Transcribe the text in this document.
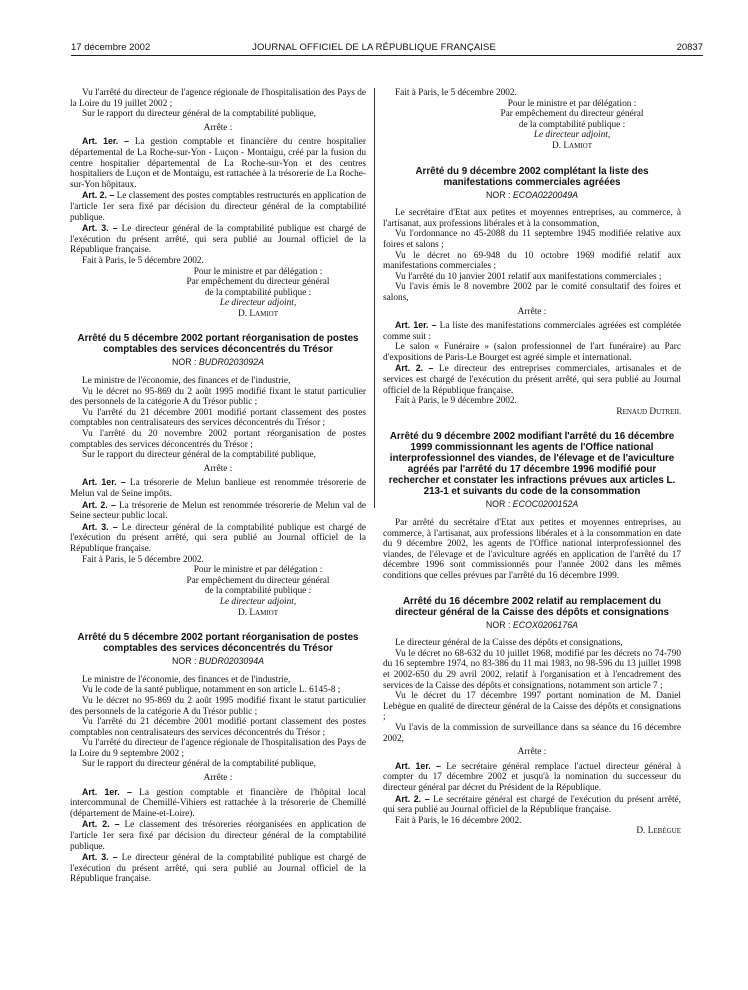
17 décembre 2002	JOURNAL OFFICIEL DE LA RÉPUBLIQUE FRANÇAISE	20837

Vu l'arrêté du directeur de l'agence régionale de l'hospitalisation des Pays de la Loire du 19 juillet 2002 ;

Sur le rapport du directeur général de la comptabilité publique,

Arrête :

Art. 1er. – La gestion comptable et financière du centre hospitalier départemental de La Roche-sur-Yon - Luçon - Montaigu, créé par la fusion du centre hospitalier départemental de La Roche-sur-Yon et des centres hospitaliers de Luçon et de Montaigu, est rattachée à la trésorerie de La Roche-sur-Yon hôpitaux.

Art. 2. – Le classement des postes comptables restructurés en application de l'article 1er sera fixé par décision du directeur général de la comptabilité publique.

Art. 3. – Le directeur général de la comptabilité publique est chargé de l'exécution du présent arrêté, qui sera publié au Journal officiel de la République française.

Fait à Paris, le 5 décembre 2002.

Pour le ministre et par délégation :

Par empêchement du directeur général

de la comptabilité publique :

Le directeur adjoint,

D. Lamiot

Arrêté du 5 décembre 2002 portant réorganisation de postes comptables des services déconcentrés du Trésor
NOR : BUDR0203092A

Le ministre de l'économie, des finances et de l'industrie,

Vu le décret no 95-869 du 2 août 1995 modifié fixant le statut particulier des personnels de la catégorie A du Trésor public ;

Vu l'arrêté du 21 décembre 2001 modifié portant classement des postes comptables non centralisateurs des services déconcentrés du Trésor ;

Vu l'arrêté du 20 novembre 2002 portant réorganisation de postes comptables des services déconcentrés du Trésor ;

Sur le rapport du directeur général de la comptabilité publique,

Arrête :

Art. 1er. – La trésorerie de Melun banlieue est renommée trésorerie de Melun val de Seine impôts.

Art. 2. – La trésorerie de Melun est renommée trésorerie de Melun val de Seine secteur public local.

Art. 3. – Le directeur général de la comptabilité publique est chargé de l'exécution du présent arrêté, qui sera publié au Journal officiel de la République française.

Fait à Paris, le 5 décembre 2002.

Pour le ministre et par délégation :

Par empêchement du directeur général

de la comptabilité publique :

Le directeur adjoint,

D. Lamiot

Arrêté du 5 décembre 2002 portant réorganisation de postes comptables des services déconcentrés du Trésor
NOR : BUDR0203094A

Le ministre de l'économie, des finances et de l'industrie,

Vu le code de la santé publique, notamment en son article L. 6145-8 ;

Vu le décret no 95-869 du 2 août 1995 modifié fixant le statut particulier des personnels de la catégorie A du Trésor public ;

Vu l'arrêté du 21 décembre 2001 modifié portant classement des postes comptables non centralisateurs des services déconcentrés du Trésor ;

Vu l'arrêté du directeur de l'agence régionale de l'hospitalisation des Pays de la Loire du 9 septembre 2002 ;

Sur le rapport du directeur général de la comptabilité publique,

Arrête :

Art. 1er. – La gestion comptable et financière de l'hôpital local intercommunal de Chemillé-Vihiers est rattachée à la trésorerie de Chemillé (département de Maine-et-Loire).

Art. 2. – Le classement des trésoreries réorganisées en application de l'article 1er sera fixé par décision du directeur général de la comptabilité publique.

Art. 3. – Le directeur général de la comptabilité publique est chargé de l'exécution du présent arrêté, qui sera publié au Journal officiel de la République française.

Fait à Paris, le 5 décembre 2002.

Pour le ministre et par délégation :

Par empêchement du directeur général

de la comptabilité publique :

Le directeur adjoint,

D. Lamiot

Arrêté du 9 décembre 2002 complétant la liste des manifestations commerciales agréées
NOR : ECOA0220049A

Le secrétaire d'Etat aux petites et moyennes entreprises, au commerce, à l'artisanat, aux professions libérales et à la consommation,

Vu l'ordonnance no 45-2088 du 11 septembre 1945 modifiée relative aux foires et salons ;

Vu le décret no 69-948 du 10 octobre 1969 modifié relatif aux manifestations commerciales ;

Vu l'arrêté du 10 janvier 2001 relatif aux manifestations commerciales ;

Vu l'avis émis le 8 novembre 2002 par le comité consultatif des foires et salons,

Arrête :

Art. 1er. – La liste des manifestations commerciales agréées est complétée comme suit :

Le salon « Funéraire » (salon professionnel de l'art funéraire) au Parc d'expositions de Paris-Le Bourget est agréé simple et international.

Art. 2. – Le directeur des entreprises commerciales, artisanales et de services est chargé de l'exécution du présent arrêté, qui sera publié au Journal officiel de la République française.

Fait à Paris, le 9 décembre 2002.

Renaud Dutreil

Arrêté du 9 décembre 2002 modifiant l'arrêté du 16 décembre 1999 commissionnant les agents de l'Office national interprofessionnel des viandes, de l'élevage et de l'aviculture agréés par l'arrêté du 17 décembre 1996 modifié pour rechercher et constater les infractions prévues aux articles L. 213-1 et suivants du code de la consommation
NOR : ECOC0200152A

Par arrêté du secrétaire d'Etat aux petites et moyennes entreprises, au commerce, à l'artisanat, aux professions libérales et à la consommation en date du 9 décembre 2002, les agents de l'Office national interprofessionnel des viandes, de l'élevage et de l'aviculture agréés en application de l'arrêté du 17 décembre 1996 sont commissionnés pour l'année 2002 dans les mêmes conditions que celles prévues par l'arrêté du 16 décembre 1999.

Arrêté du 16 décembre 2002 relatif au remplacement du directeur général de la Caisse des dépôts et consignations
NOR : ECOX0206176A

Le directeur général de la Caisse des dépôts et consignations,

Vu le décret no 68-632 du 10 juillet 1968, modifié par les décrets no 74-790 du 16 septembre 1974, no 83-386 du 11 mai 1983, no 98-596 du 13 juillet 1998 et 2002-650 du 29 avril 2002, relatif à l'organisation et à l'encadrement des services de la Caisse des dépôts et consignations, notamment son article 7 ;

Vu le décret du 17 décembre 1997 portant nomination de M. Daniel Lebègue en qualité de directeur général de la Caisse des dépôts et consignations ;

Vu l'avis de la commission de surveillance dans sa séance du 16 décembre 2002,

Arrête :

Art. 1er. – Le secrétaire général remplace l'actuel directeur général à compter du 17 décembre 2002 et jusqu'à la nomination du successeur du directeur général par décret du Président de la République.

Art. 2. – Le secrétaire général est chargé de l'exécution du présent arrêté, qui sera publié au Journal officiel de la République française.

Fait à Paris, le 16 décembre 2002.

D. Lebègue
